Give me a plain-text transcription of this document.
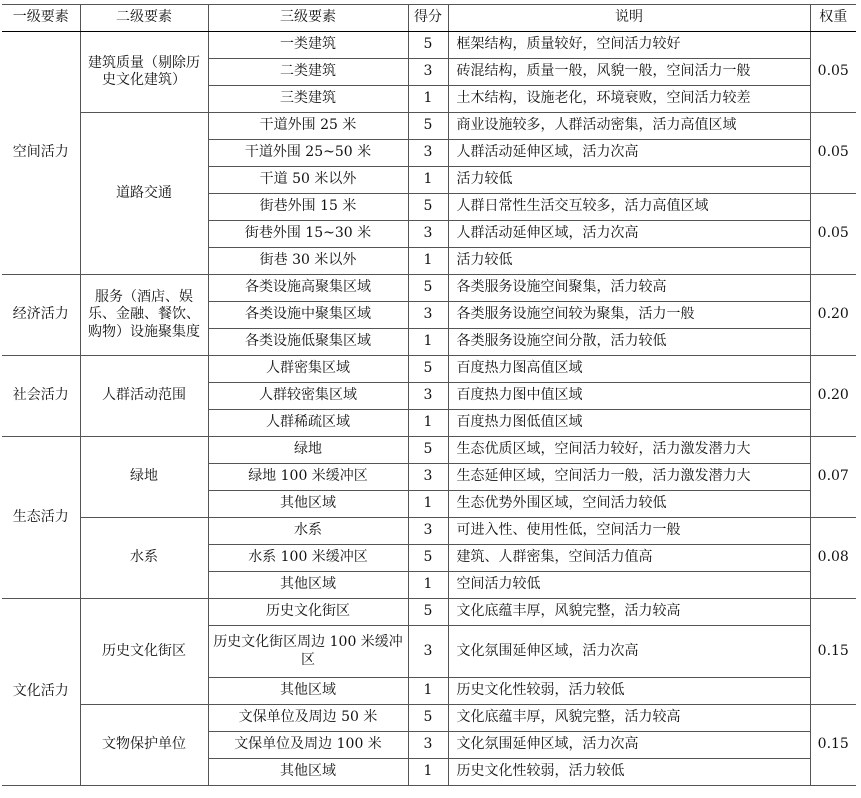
一级要素	二级要素	三级要素	得分	说明	权重
空间活力	建筑质量（剔除历史文化建筑）	一类建筑	5	框架结构，质量较好，空间活力较好	0.05
		二类建筑	3	砖混结构，质量一般，风貌一般，空间活力一般	
		三类建筑	1	土木结构，设施老化，环境衰败，空间活力较差	
	道路交通	干道外围 25 米	5	商业设施较多，人群活动密集，活力高值区域	0.05
		干道外围 25~50 米	3	人群活动延伸区域，活力次高	
		干道 50 米以外	1	活力较低	
		街巷外围 15 米	5	人群日常性生活交互较多，活力高值区域	0.05
		街巷外围 15~30 米	3	人群活动延伸区域，活力次高	
		街巷 30 米以外	1	活力较低	
经济活力	服务（酒店、娱乐、金融、餐饮、购物）设施聚集度	各类设施高聚集区域	5	各类服务设施空间聚集，活力较高	0.20
		各类设施中聚集区域	3	各类服务设施空间较为聚集，活力一般	
		各类设施低聚集区域	1	各类服务设施空间分散，活力较低	
社会活力	人群活动范围	人群密集区域	5	百度热力图高值区域	0.20
		人群较密集区域	3	百度热力图中值区域	
		人群稀疏区域	1	百度热力图低值区域	
生态活力	绿地	绿地	5	生态优质区域，空间活力较好，活力激发潜力大	0.07
		绿地 100 米缓冲区	3	生态延伸区域，空间活力一般，活力激发潜力大	
		其他区域	1	生态优势外围区域，空间活力较低	
	水系	水系	3	可进入性、使用性低，空间活力一般	0.08
		水系 100 米缓冲区	5	建筑、人群密集，空间活力值高	
		其他区域	1	空间活力较低	
文化活力	历史文化街区	历史文化街区	5	文化底蕴丰厚，风貌完整，活力较高	0.15
		历史文化街区周边 100 米缓冲区	3	文化氛围延伸区域，活力次高	
		其他区域	1	历史文化性较弱，活力较低	
	文物保护单位	文保单位及周边 50 米	5	文化底蕴丰厚，风貌完整，活力较高	0.15
		文保单位及周边 100 米	3	文化氛围延伸区域，活力次高	
		其他区域	1	历史文化性较弱，活力较低	
